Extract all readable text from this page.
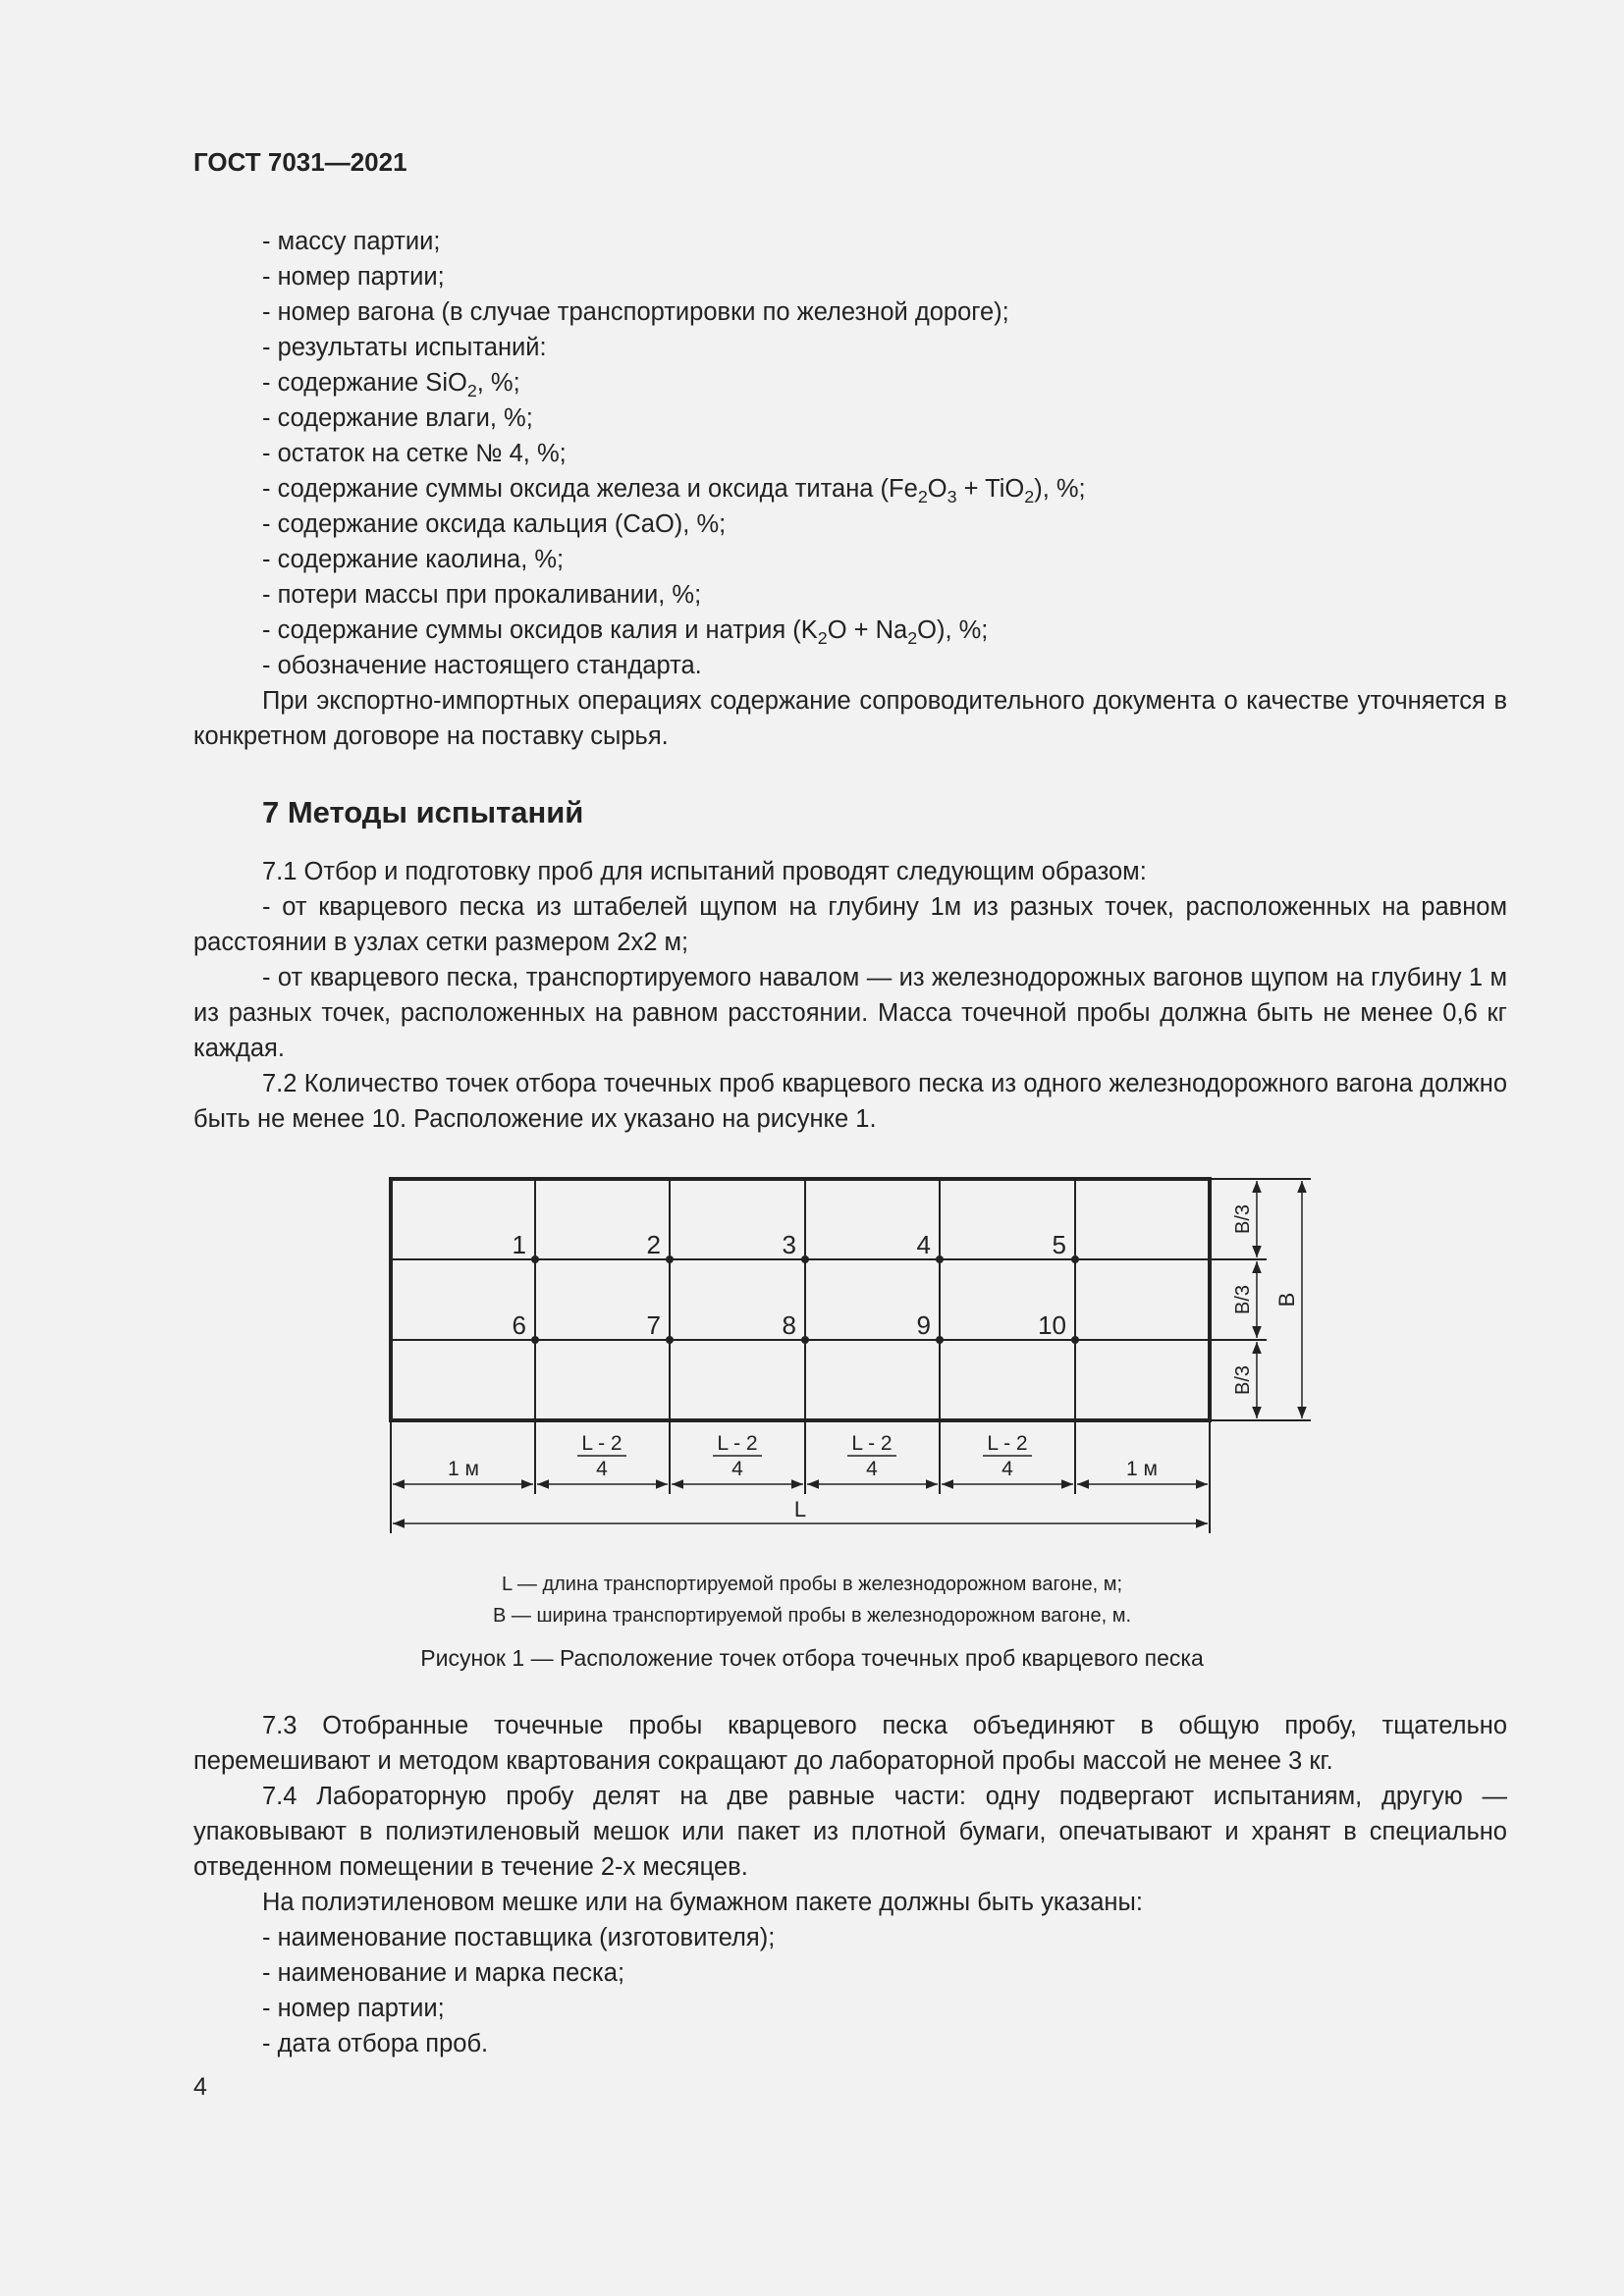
ГОСТ 7031—2021

- массу партии;

- номер партии;

- номер вагона (в случае транспортировки по железной дороге);

- результаты испытаний:

- содержание SiO$_2$, %;

- содержание влаги, %;

- остаток на сетке № 4, %;

- содержание суммы оксида железа и оксида титана $(Fe_2O_3 + TiO_2)$, %;

- содержание оксида кальция (CaO), %;

- содержание каолина, %;

- потери массы при прокаливании, %;

- содержание суммы оксидов калия и натрия $(K_2O + Na_2O)$, %;

- обозначение настоящего стандарта.

При экспортно-импортных операциях содержание сопроводительного документа о качестве уточняется в конкретном договоре на поставку сырья.

7 Методы испытаний

7.1 Отбор и подготовку проб для испытаний проводят следующим образом:

- от кварцевого песка из штабелей щупом на глубину 1м из разных точек, расположенных на равном расстоянии в узлах сетки размером 2х2 м;

- от кварцевого песка, транспортируемого навалом — из железнодорожных вагонов щупом на глубину 1 м из разных точек, расположенных на равном расстоянии. Масса точечной пробы должна быть не менее 0,6 кг каждая.

7.2 Количество точек отбора точечных проб кварцевого песка из одного железнодорожного вагона должно быть не менее 10. Расположение их указано на рисунке 1.

1	2	3	4	5
6	7	8	9	10
B/3
B/3
B/3
B
1 м	1 м
L - 2
4
L - 2
4
L - 2
4
L - 2
4
L
L — длина транспортируемой пробы в железнодорожном вагоне, м;
B — ширина транспортируемой пробы в железнодорожном вагоне, м.
Рисунок 1 — Расположение точек отбора точечных проб кварцевого песка

7.3 Отобранные точечные пробы кварцевого песка объединяют в общую пробу, тщательно перемешивают и методом квартования сокращают до лабораторной пробы массой не менее 3 кг.

7.4 Лабораторную пробу делят на две равные части: одну подвергают испытаниям, другую — упаковывают в полиэтиленовый мешок или пакет из плотной бумаги, опечатывают и хранят в специально отведенном помещении в течение 2-х месяцев.

На полиэтиленовом мешке или на бумажном пакете должны быть указаны:

- наименование поставщика (изготовителя);

- наименование и марка песка;

- номер партии;

- дата отбора проб.

4
